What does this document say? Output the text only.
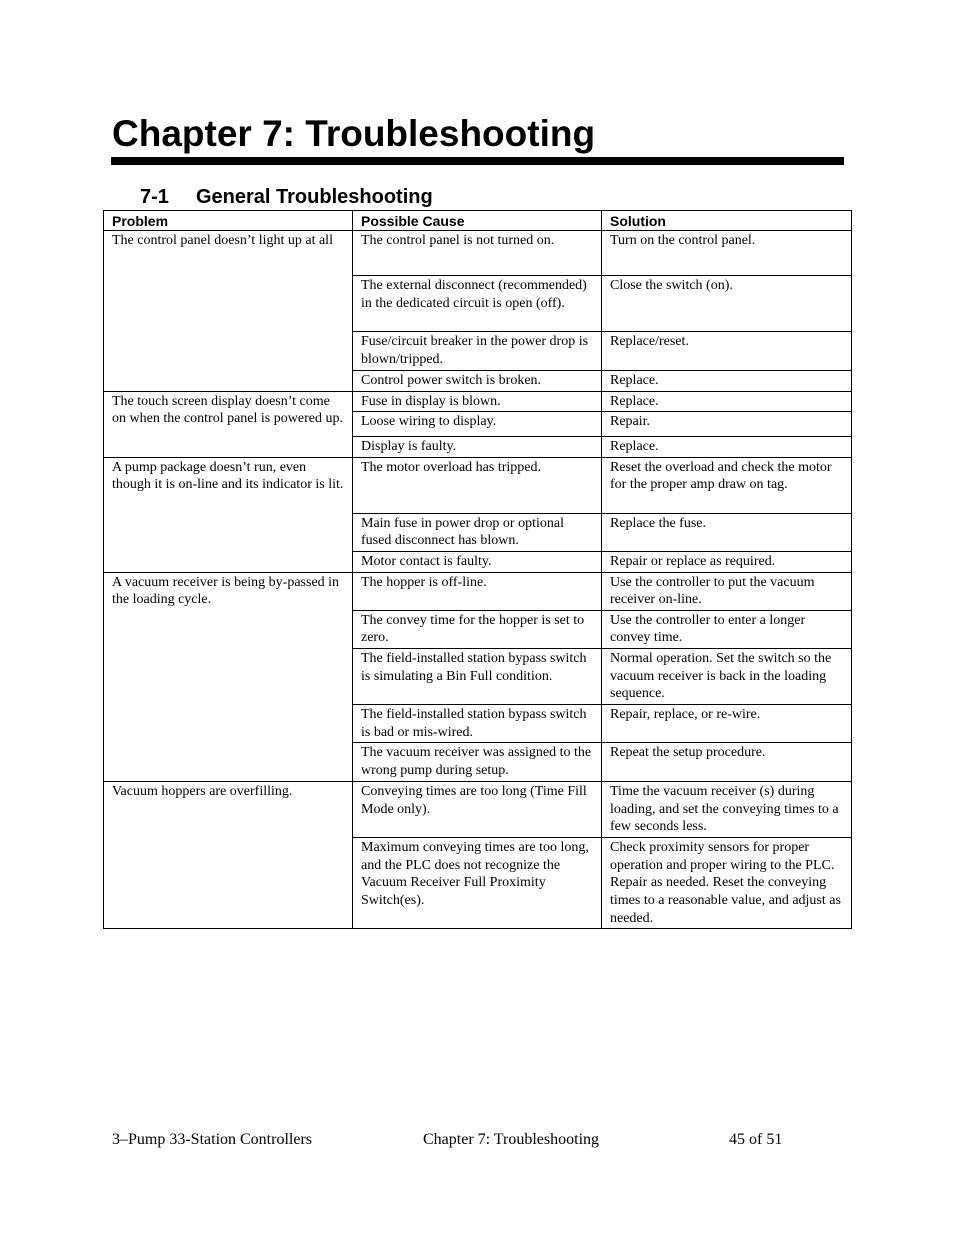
Chapter 7: Troubleshooting
7-1 General Troubleshooting
Problem	Possible Cause	Solution
The control panel doesn’t light up at all	The control panel is not turned on.	Turn on the control panel.
	The external disconnect (recommended) in the dedicated circuit is open (off).	Close the switch (on).
	Fuse/circuit breaker in the power drop is blown/tripped.	Replace/reset.
	Control power switch is broken.	Replace.
The touch screen display doesn’t come on when the control panel is powered up.	Fuse in display is blown.	Replace.
	Loose wiring to display.	Repair.
	Display is faulty.	Replace.
A pump package doesn’t run, even though it is on-line and its indicator is lit.	The motor overload has tripped.	Reset the overload and check the motor for the proper amp draw on tag.
	Main fuse in power drop or optional fused disconnect has blown.	Replace the fuse.
	Motor contact is faulty.	Repair or replace as required.
A vacuum receiver is being by-passed in the loading cycle.	The hopper is off-line.	Use the controller to put the vacuum receiver on-line.
	The convey time for the hopper is set to zero.	Use the controller to enter a longer convey time.
	The field-installed station bypass switch is simulating a Bin Full condition.	Normal operation. Set the switch so the vacuum receiver is back in the loading sequence.
	The field-installed station bypass switch is bad or mis-wired.	Repair, replace, or re-wire.
	The vacuum receiver was assigned to the wrong pump during setup.	Repeat the setup procedure.
Vacuum hoppers are overfilling.	Conveying times are too long (Time Fill Mode only).	Time the vacuum receiver (s) during loading, and set the conveying times to a few seconds less.
	Maximum conveying times are too long, and the PLC does not recognize the Vacuum Receiver Full Proximity Switch(es).	Check proximity sensors for proper operation and proper wiring to the PLC. Repair as needed. Reset the conveying times to a reasonable value, and adjust as needed.
3–Pump 33-Station Controllers	Chapter 7: Troubleshooting	45 of 51
